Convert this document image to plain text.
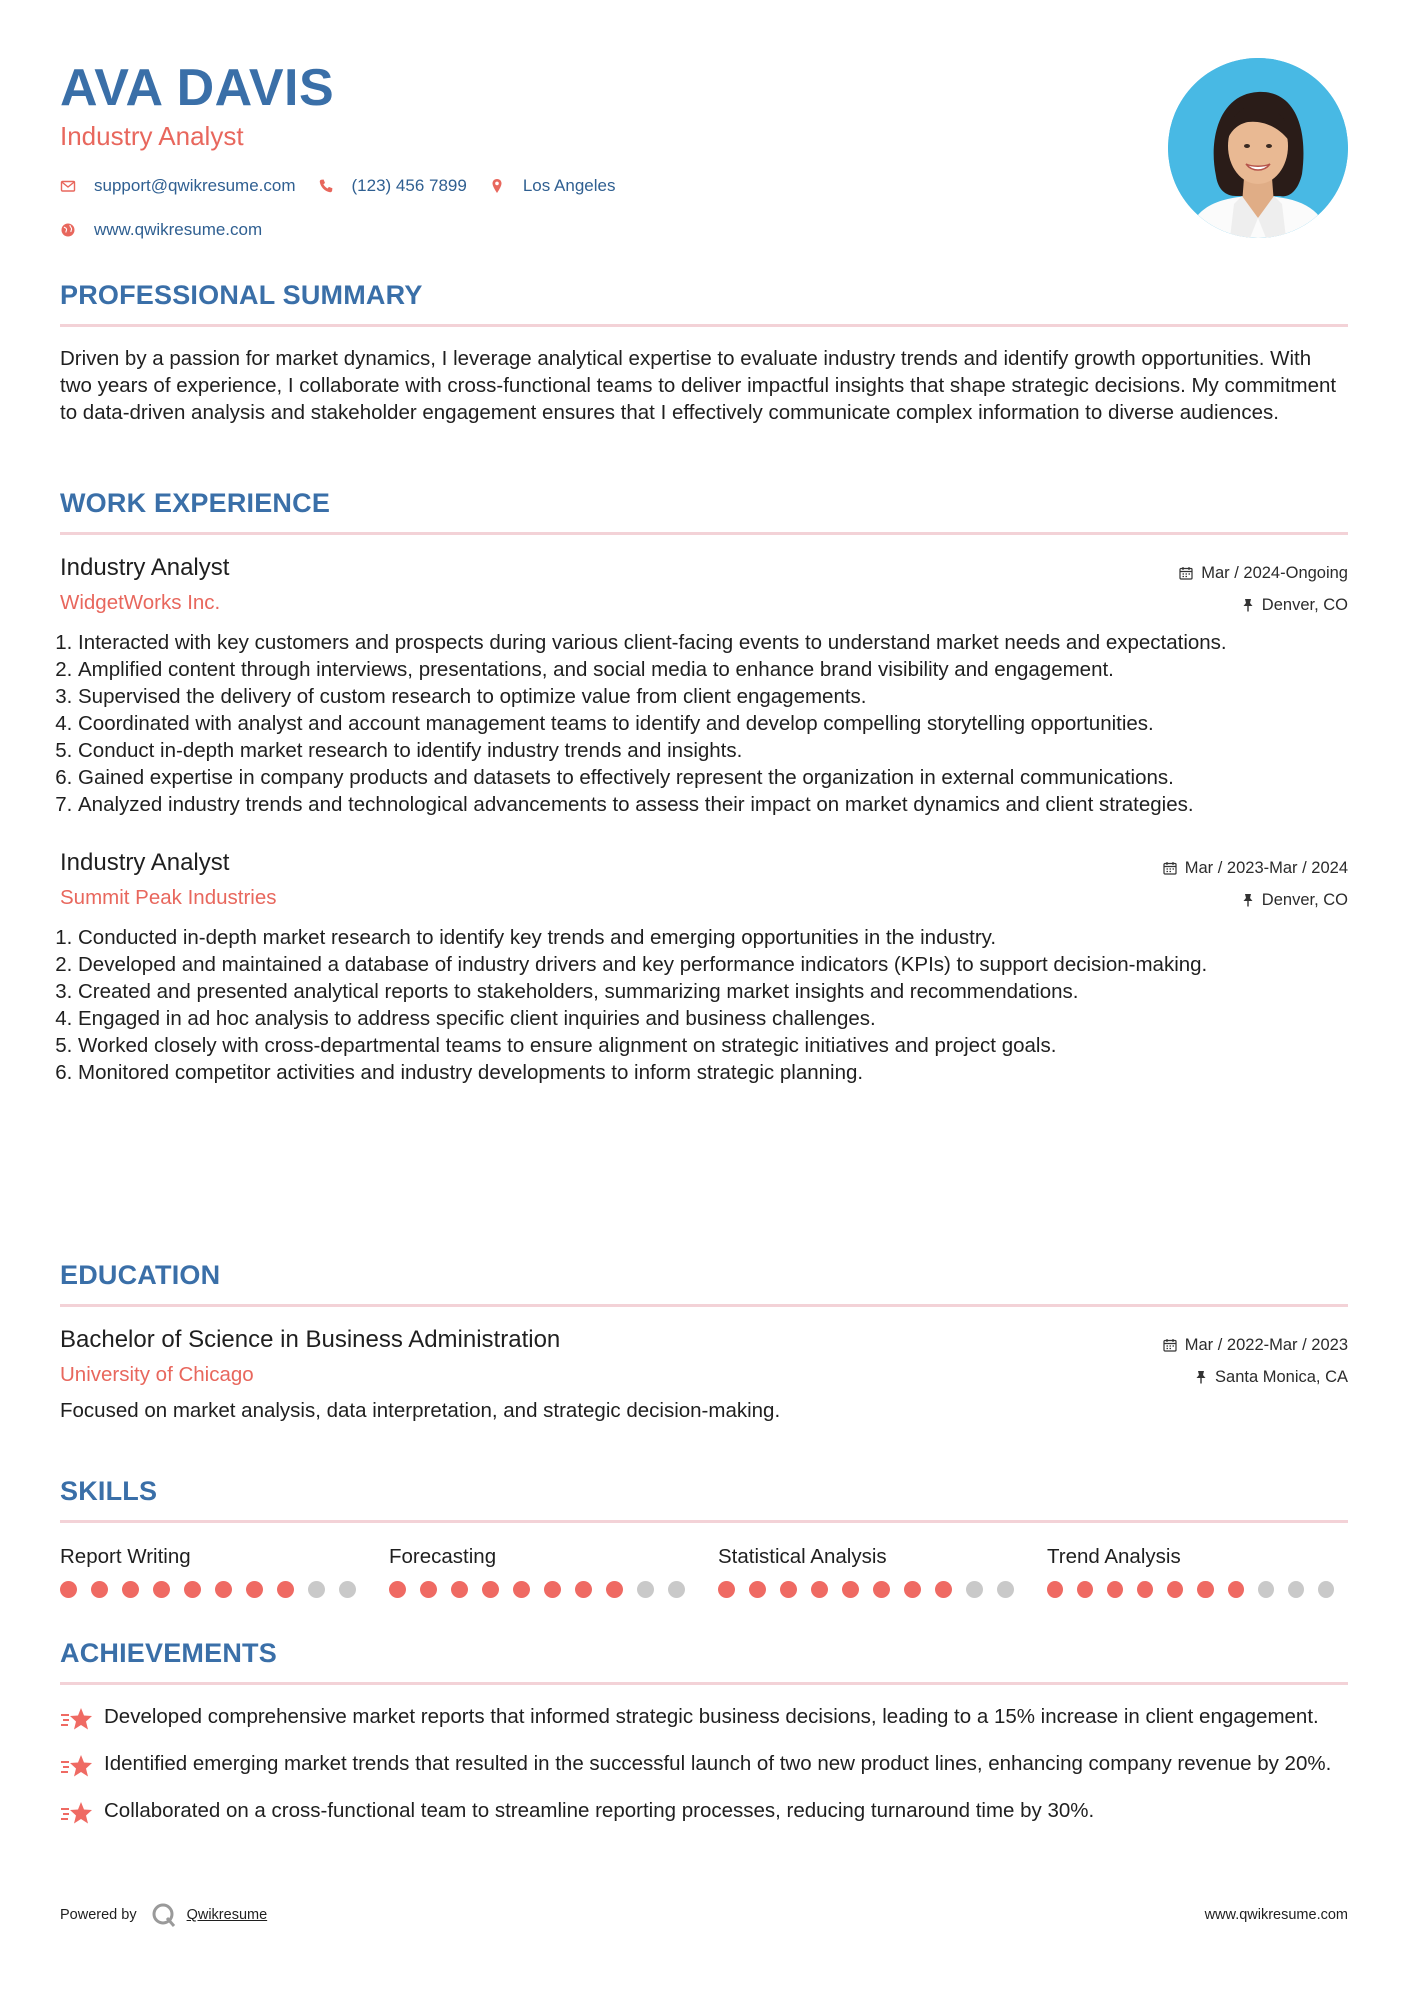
AVA DAVIS
Industry Analyst
support@qwikresume.com	(123) 456 7899	Los Angeles
www.qwikresume.com
PROFESSIONAL SUMMARY
Driven by a passion for market dynamics, I leverage analytical expertise to evaluate industry trends and identify growth opportunities. With two years of experience, I collaborate with cross-functional teams to deliver impactful insights that shape strategic decisions. My commitment to data-driven analysis and stakeholder engagement ensures that I effectively communicate complex information to diverse audiences.
WORK EXPERIENCE
Industry Analyst
WidgetWorks Inc.
Mar / 2024-Ongoing
Denver, CO
1. Interacted with key customers and prospects during various client-facing events to understand market needs and expectations.
2. Amplified content through interviews, presentations, and social media to enhance brand visibility and engagement.
3. Supervised the delivery of custom research to optimize value from client engagements.
4. Coordinated with analyst and account management teams to identify and develop compelling storytelling opportunities.
5. Conduct in-depth market research to identify industry trends and insights.
6. Gained expertise in company products and datasets to effectively represent the organization in external communications.
7. Analyzed industry trends and technological advancements to assess their impact on market dynamics and client strategies.
Industry Analyst
Summit Peak Industries
Mar / 2023-Mar / 2024
Denver, CO
1. Conducted in-depth market research to identify key trends and emerging opportunities in the industry.
2. Developed and maintained a database of industry drivers and key performance indicators (KPIs) to support decision-making.
3. Created and presented analytical reports to stakeholders, summarizing market insights and recommendations.
4. Engaged in ad hoc analysis to address specific client inquiries and business challenges.
5. Worked closely with cross-departmental teams to ensure alignment on strategic initiatives and project goals.
6. Monitored competitor activities and industry developments to inform strategic planning.
EDUCATION
Bachelor of Science in Business Administration
University of Chicago
Mar / 2022-Mar / 2023
Santa Monica, CA
Focused on market analysis, data interpretation, and strategic decision-making.
SKILLS
Report Writing	Forecasting	Statistical Analysis	Trend Analysis
ACHIEVEMENTS
Developed comprehensive market reports that informed strategic business decisions, leading to a 15% increase in client engagement.
Identified emerging market trends that resulted in the successful launch of two new product lines, enhancing company revenue by 20%.
Collaborated on a cross-functional team to streamline reporting processes, reducing turnaround time by 30%.
Powered by	Qwikresume	www.qwikresume.com
